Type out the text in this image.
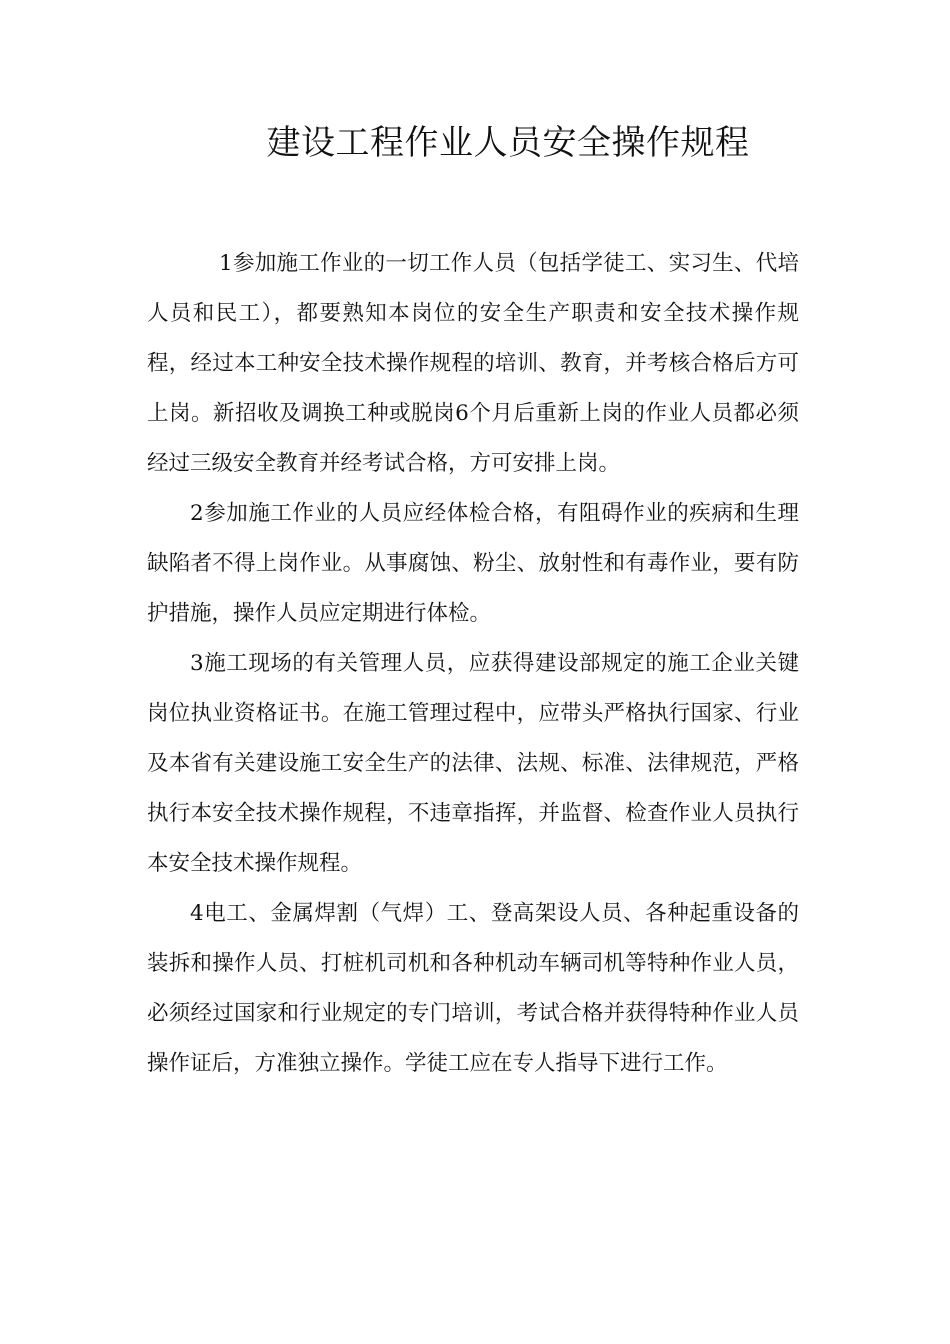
建设工程作业人员安全操作规程

1参加施工作业的一切工作人员（包括学徒工、实习生、代培人员和民工），都要熟知本岗位的安全生产职责和安全技术操作规程，经过本工种安全技术操作规程的培训、教育，并考核合格后方可上岗。新招收及调换工种或脱岗6个月后重新上岗的作业人员都必须经过三级安全教育并经考试合格，方可安排上岗。

2参加施工作业的人员应经体检合格，有阻碍作业的疾病和生理缺陷者不得上岗作业。从事腐蚀、粉尘、放射性和有毒作业，要有防护措施，操作人员应定期进行体检。

3施工现场的有关管理人员，应获得建设部规定的施工企业关键岗位执业资格证书。在施工管理过程中，应带头严格执行国家、行业及本省有关建设施工安全生产的法律、法规、标准、法律规范，严格执行本安全技术操作规程，不违章指挥，并监督、检查作业人员执行本安全技术操作规程。

4电工、金属焊割（气焊）工、登高架设人员、各种起重设备的装拆和操作人员、打桩机司机和各种机动车辆司机等特种作业人员，必须经过国家和行业规定的专门培训，考试合格并获得特种作业人员操作证后，方准独立操作。学徒工应在专人指导下进行工作。
